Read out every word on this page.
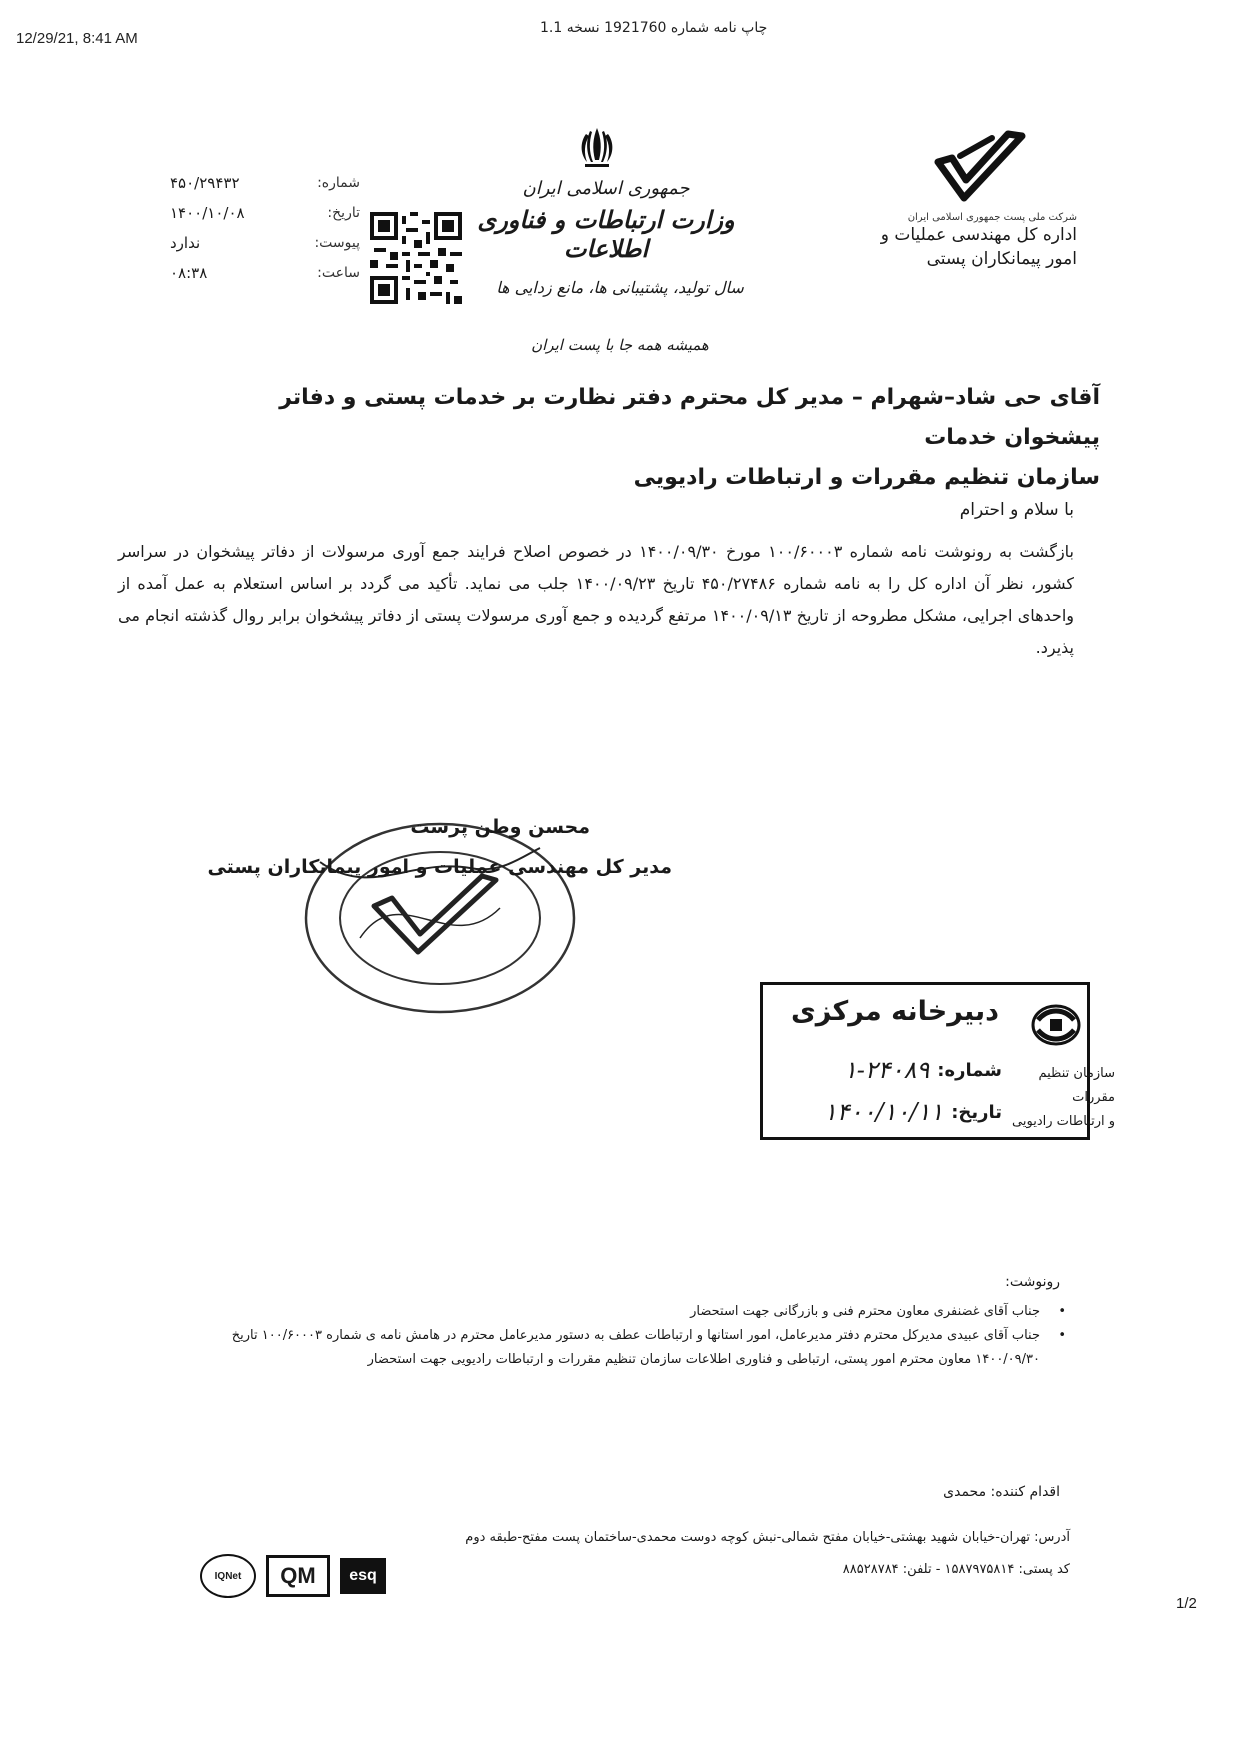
12/29/21, 8:41 AM
چاپ نامه شماره 1921760 نسخه 1.1
جمهوری اسلامی ایران
وزارت ارتباطات و فناوری اطلاعات
سال تولید، پشتیبانی ها، مانع زدایی ها
همیشه همه جا با پست ایران
شماره:
۴۵۰/۲۹۴۳۲
تاریخ:
۱۴۰۰/۱۰/۰۸
پیوست:
ندارد
ساعت:
۰۸:۳۸
شرکت ملی پست جمهوری اسلامی ایران
اداره کل مهندسی عملیات و
امور پیمانکاران پستی
آقای حی شاد–شهرام – مدیر کل محترم دفتر نظارت بر خدمات پستی و دفاتر پیشخوان خدمات
سازمان تنظیم مقررات و ارتباطات رادیویی
با سلام و احترام
بازگشت به رونوشت نامه شماره ۱۰۰/۶۰۰۰۳ مورخ ۱۴۰۰/۰۹/۳۰ در خصوص اصلاح فرایند جمع آوری مرسولات از دفاتر پیشخوان در سراسر کشور، نظر آن اداره کل را به نامه شماره ۴۵۰/۲۷۴۸۶ تاریخ ۱۴۰۰/۰۹/۲۳ جلب می نماید. تأکید می گردد بر اساس استعلام به عمل آمده از واحدهای اجرایی، مشکل مطروحه از تاریخ ۱۴۰۰/۰۹/۱۳ مرتفع گردیده و جمع آوری مرسولات پستی از دفاتر پیشخوان برابر روال گذشته انجام می پذیرد.
محسن وطن پرست
مدیر کل مهندسی عملیات و امور پیمانکاران پستی
دبیرخانه مرکزی
سازمان تنظیم مقررات
و ارتباطات رادیویی
شماره:
۱-۲۴۰۸۹
تاریخ:
۱۴۰۰/۱۰/۱۱
رونوشت:
•
جناب آقای غضنفری معاون محترم فنی و بازرگانی جهت استحضار
•
جناب آقای عبیدی مدیرکل محترم دفتر مدیرعامل، امور استانها و ارتباطات عطف به دستور مدیرعامل محترم در هامش نامه ی شماره ۱۰۰/۶۰۰۰۳ تاریخ ۱۴۰۰/۰۹/۳۰ معاون محترم امور پستی، ارتباطی و فناوری اطلاعات سازمان تنظیم مقررات و ارتباطات رادیویی جهت استحضار
اقدام کننده: محمدی
آدرس: تهران-خیابان شهید بهشتی-خیابان مفتح شمالی-نبش کوچه دوست محمدی-ساختمان پست مفتح-طبقه دوم
کد پستی: ۱۵۸۷۹۷۵۸۱۴ - تلفن: ۸۸۵۲۸۷۸۴
IQNet QM esq
1/2
